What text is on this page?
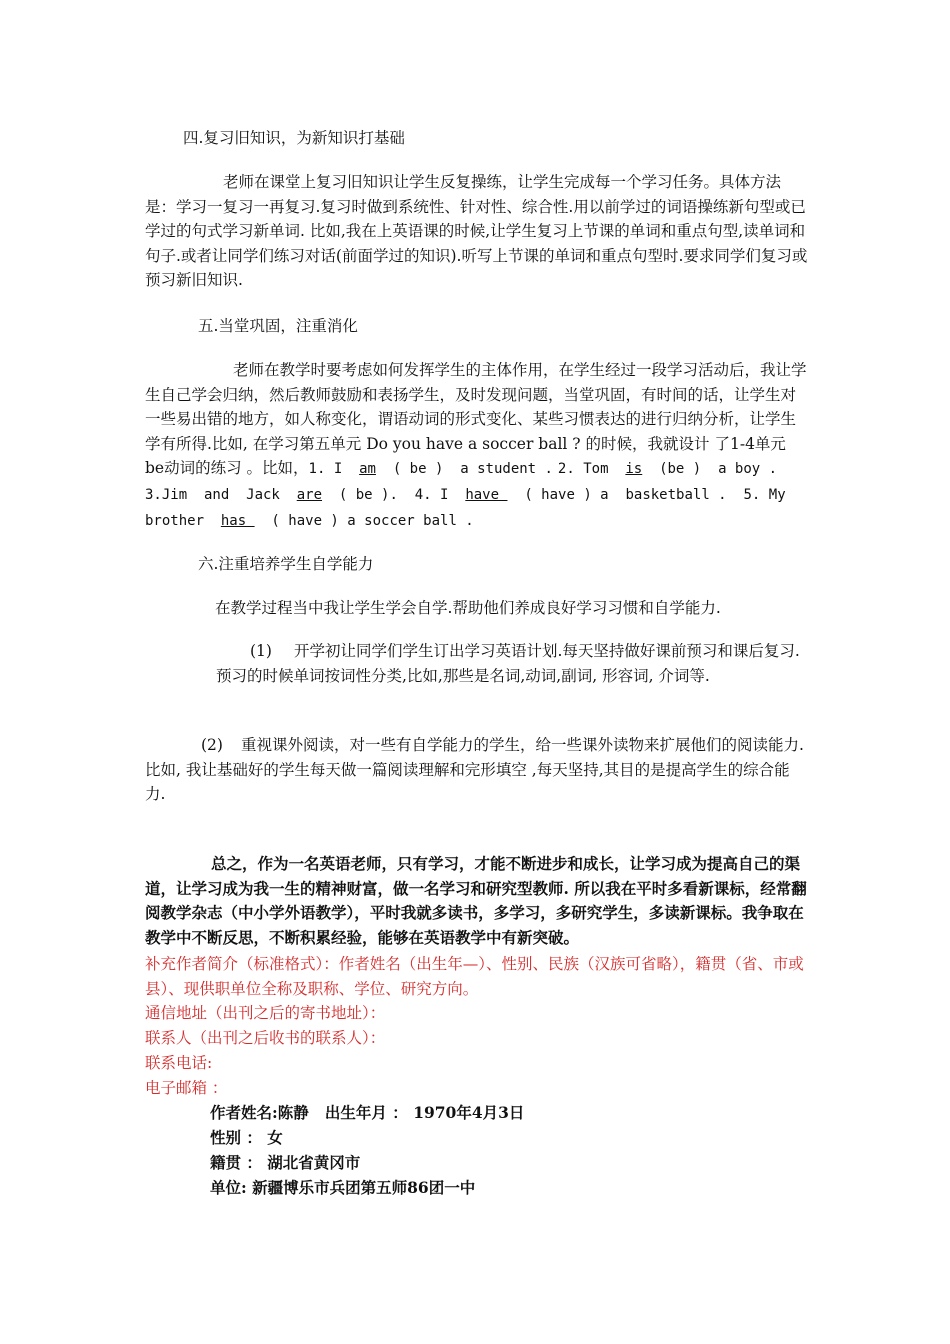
四.复习旧知识，为新知识打基础
老师在课堂上复习旧知识让学生反复操练，让学生完成每一个学习任务。具体方法是：学习一复习一再复习.复习时做到系统性、针对性、综合性.用以前学过的词语操练新句型或已学过的句式学习新单词. 比如,我在上英语课的时候,让学生复习上节课的单词和重点句型,读单词和句子.或者让同学们练习对话(前面学过的知识).听写上节课的单词和重点句型时.要求同学们复习或预习新旧知识.
五.当堂巩固，注重消化
老师在教学时要考虑如何发挥学生的主体作用，在学生经过一段学习活动后，我让学生自己学会归纳，然后教师鼓励和表扬学生，及时发现问题，当堂巩固，有时间的话，让学生对一些易出错的地方，如人称变化，谓语动词的形式变化、某些习惯表达的进行归纳分析，让学生学有所得.比如, 在学习第五单元 Do you have a soccer ball ? 的时候，我就设计 了1-4单元 be动词的练习 。比如，1. I  am  ( be )  a student . 2. Tom  is  (be )  a boy . 3.Jim  and  Jack  are  ( be ).  4. I  have   ( have ) a  basketball .  5. My brother  has   ( have ) a soccer ball .
六.注重培养学生自学能力
在教学过程当中我让学生学会自学.帮助他们养成良好学习习惯和自学能力.
(1) 开学初让同学们学生订出学习英语计划.每天坚持做好课前预习和课后复习.预习的时候单词按词性分类,比如,那些是名词,动词,副词, 形容词, 介词等.
(2) 重视课外阅读，对一些有自学能力的学生，给一些课外读物来扩展他们的阅读能力.比如, 我让基础好的学生每天做一篇阅读理解和完形填空 ,每天坚持,其目的是提高学生的综合能力.
总之，作为一名英语老师，只有学习，才能不断进步和成长，让学习成为提高自己的渠道，让学习成为我一生的精神财富，做一名学习和研究型教师. 所以我在平时多看新课标，经常翻阅教学杂志（中小学外语教学），平时我就多读书，多学习，多研究学生，多读新课标。我争取在教学中不断反思，不断积累经验，能够在英语教学中有新突破。
补充作者简介（标准格式）：作者姓名（出生年—）、性别、民族（汉族可省略），籍贯（省、市或县）、现供职单位全称及职称、学位、研究方向。
通信地址（出刊之后的寄书地址）：
联系人（出刊之后收书的联系人）：
联系电话:
电子邮箱 ：
作者姓名:陈静   出生年月 ： 1970年4月3日
性别 ： 女
籍贯 ： 湖北省黄冈市
单位: 新疆博乐市兵团第五师86团一中
